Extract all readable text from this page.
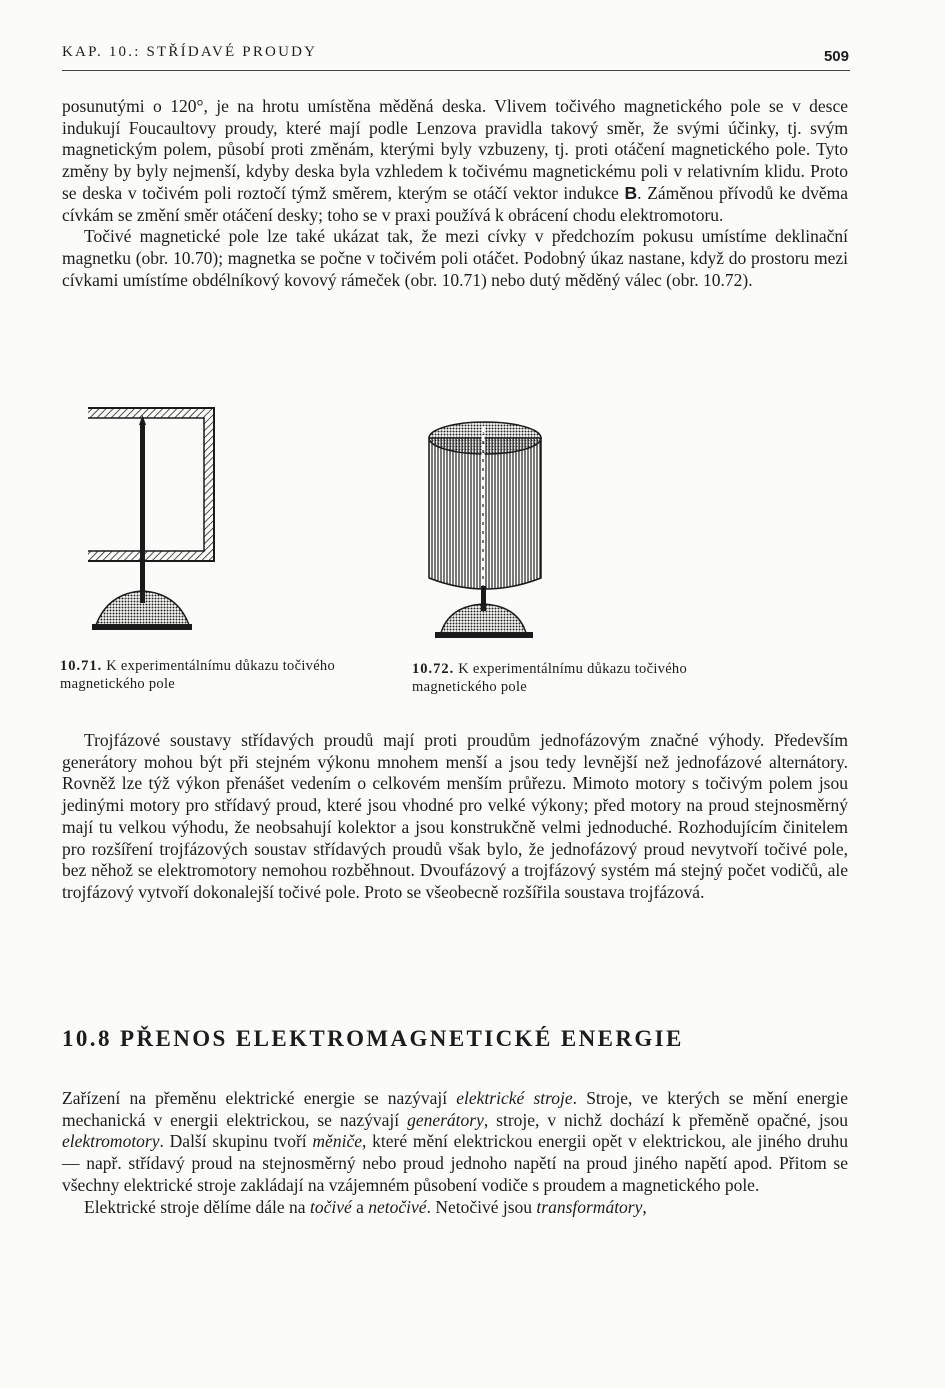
KAP. 10.: STŘÍDAVÉ PROUDY	509

posunutými o 120°, je na hrotu umístěna měděná deska. Vlivem točivého magnetického pole se v desce indukují Foucaultovy proudy, které mají podle Lenzova pravidla takový směr, že svými účinky, tj. svým magnetickým polem, působí proti změnám, kterými byly vzbuzeny, tj. proti otáčení magnetického pole. Tyto změny by byly nejmenší, kdyby deska byla vzhledem k točivému magnetickému poli v relativním klidu. Proto se deska v točivém poli roztočí týmž směrem, kterým se otáčí vektor indukce B. Záměnou přívodů ke dvěma cívkám se změní směr otáčení desky; toho se v praxi používá k obrácení chodu elektromotoru.

Točivé magnetické pole lze také ukázat tak, že mezi cívky v předchozím pokusu umístíme deklinační magnetku (obr. 10.70); magnetka se počne v točivém poli otáčet. Podobný úkaz nastane, když do prostoru mezi cívkami umístíme obdélníkový kovový rámeček (obr. 10.71) nebo dutý měděný válec (obr. 10.72).

10.71. K experimentálnímu důkazu točivého magnetického pole
10.72. K experimentálnímu důkazu točivého magnetického pole

Trojfázové soustavy střídavých proudů mají proti proudům jednofázovým značné výhody. Především generátory mohou být při stejném výkonu mnohem menší a jsou tedy levnější než jednofázové alternátory. Rovněž lze týž výkon přenášet vedením o celkovém menším průřezu. Mimoto motory s točivým polem jsou jedinými motory pro střídavý proud, které jsou vhodné pro velké výkony; před motory na proud stejnosměrný mají tu velkou výhodu, že neobsahují kolektor a jsou konstrukčně velmi jednoduché. Rozhodujícím činitelem pro rozšíření trojfázových soustav střídavých proudů však bylo, že jednofázový proud nevytvoří točivé pole, bez něhož se elektromotory nemohou rozběhnout. Dvoufázový a trojfázový systém má stejný počet vodičů, ale trojfázový vytvoří dokonalejší točivé pole. Proto se všeobecně rozšířila soustava trojfázová.

10.8 PŘENOS ELEKTROMAGNETICKÉ ENERGIE

Zařízení na přeměnu elektrické energie se nazývají elektrické stroje. Stroje, ve kterých se mění energie mechanická v energii elektrickou, se nazývají generátory, stroje, v nichž dochází k přeměně opačné, jsou elektromotory. Další skupinu tvoří měniče, které mění elektrickou energii opět v elektrickou, ale jiného druhu — např. střídavý proud na stejnosměrný nebo proud jednoho napětí na proud jiného napětí apod. Přitom se všechny elektrické stroje zakládají na vzájemném působení vodiče s proudem a magnetického pole.

Elektrické stroje dělíme dále na točivé a netočivé. Netočivé jsou transformátory,
